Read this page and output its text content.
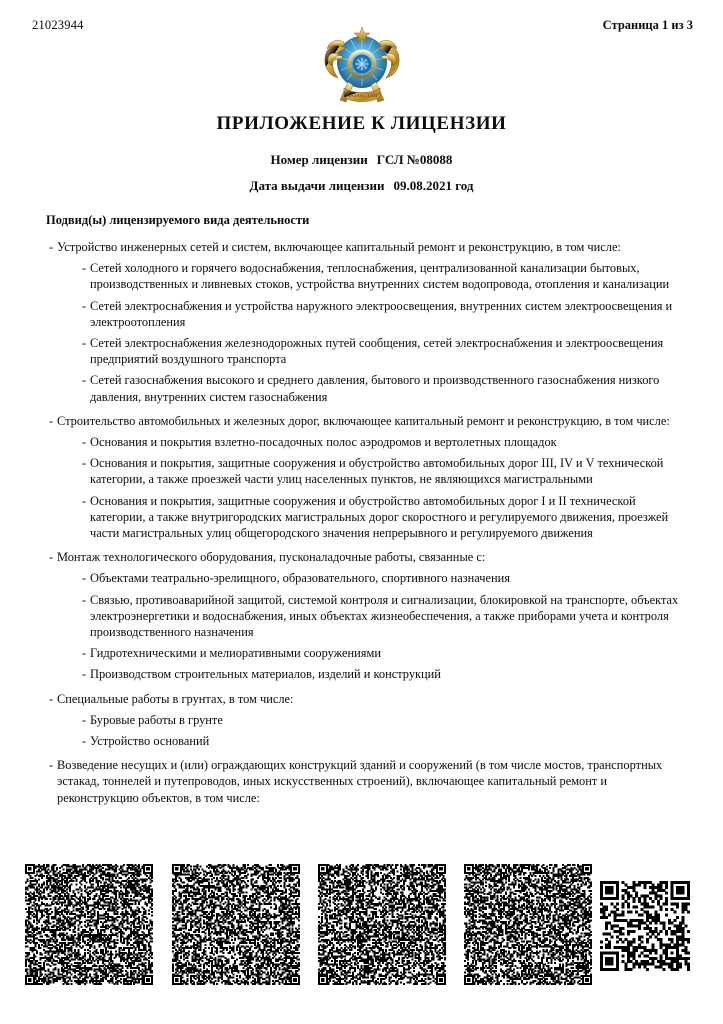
21023944	Страница 1 из 3
ҚАЗАҚСТАН
ПРИЛОЖЕНИЕ К ЛИЦЕНЗИИ
Номер лицензии ГСЛ №08088
Дата выдачи лицензии 09.08.2021 год
Подвид(ы) лицензируемого вида деятельности
- Устройство инженерных сетей и систем, включающее капитальный ремонт и реконструкцию, в том числе:
- Сетей холодного и горячего водоснабжения, теплоснабжения, централизованной канализации бытовых, производственных и ливневых стоков, устройства внутренних систем водопровода, отопления и канализации
- Сетей электроснабжения и устройства наружного электроосвещения, внутренних систем электроосвещения и электроотопления
- Сетей электроснабжения железнодорожных путей сообщения, сетей электроснабжения и электроосвещения предприятий воздушного транспорта
- Сетей газоснабжения высокого и среднего давления, бытового и производственного газоснабжения низкого давления, внутренних систем газоснабжения
- Строительство автомобильных и железных дорог, включающее капитальный ремонт и реконструкцию, в том числе:
- Основания и покрытия взлетно-посадочных полос аэродромов и вертолетных площадок
- Основания и покрытия, защитные сооружения и обустройство автомобильных дорог III, IV и V технической категории, а также проезжей части улиц населенных пунктов, не являющихся магистральными
- Основания и покрытия, защитные сооружения и обустройство автомобильных дорог I и II технической категории, а также внутригородских магистральных дорог скоростного и регулируемого движения, проезжей части магистральных улиц общегородского значения непрерывного и регулируемого движения
- Монтаж технологического оборудования, пусконаладочные работы, связанные с:
- Объектами театрально-зрелищного, образовательного, спортивного назначения
- Связью, противоаварийной защитой, системой контроля и сигнализации, блокировкой на транспорте, объектах электроэнергетики и водоснабжения, иных объектах жизнеобеспечения, а также приборами учета и контроля производственного назначения
- Гидротехническими и мелиоративными сооружениями
- Производством строительных материалов, изделий и конструкций
- Специальные работы в грунтах, в том числе:
- Буровые работы в грунте
- Устройство оснований
- Возведение несущих и (или) ограждающих конструкций зданий и сооружений (в том числе мостов, транспортных эстакад, тоннелей и путепроводов, иных искусственных строений), включающее капитальный ремонт и реконструкцию объектов, в том числе:
